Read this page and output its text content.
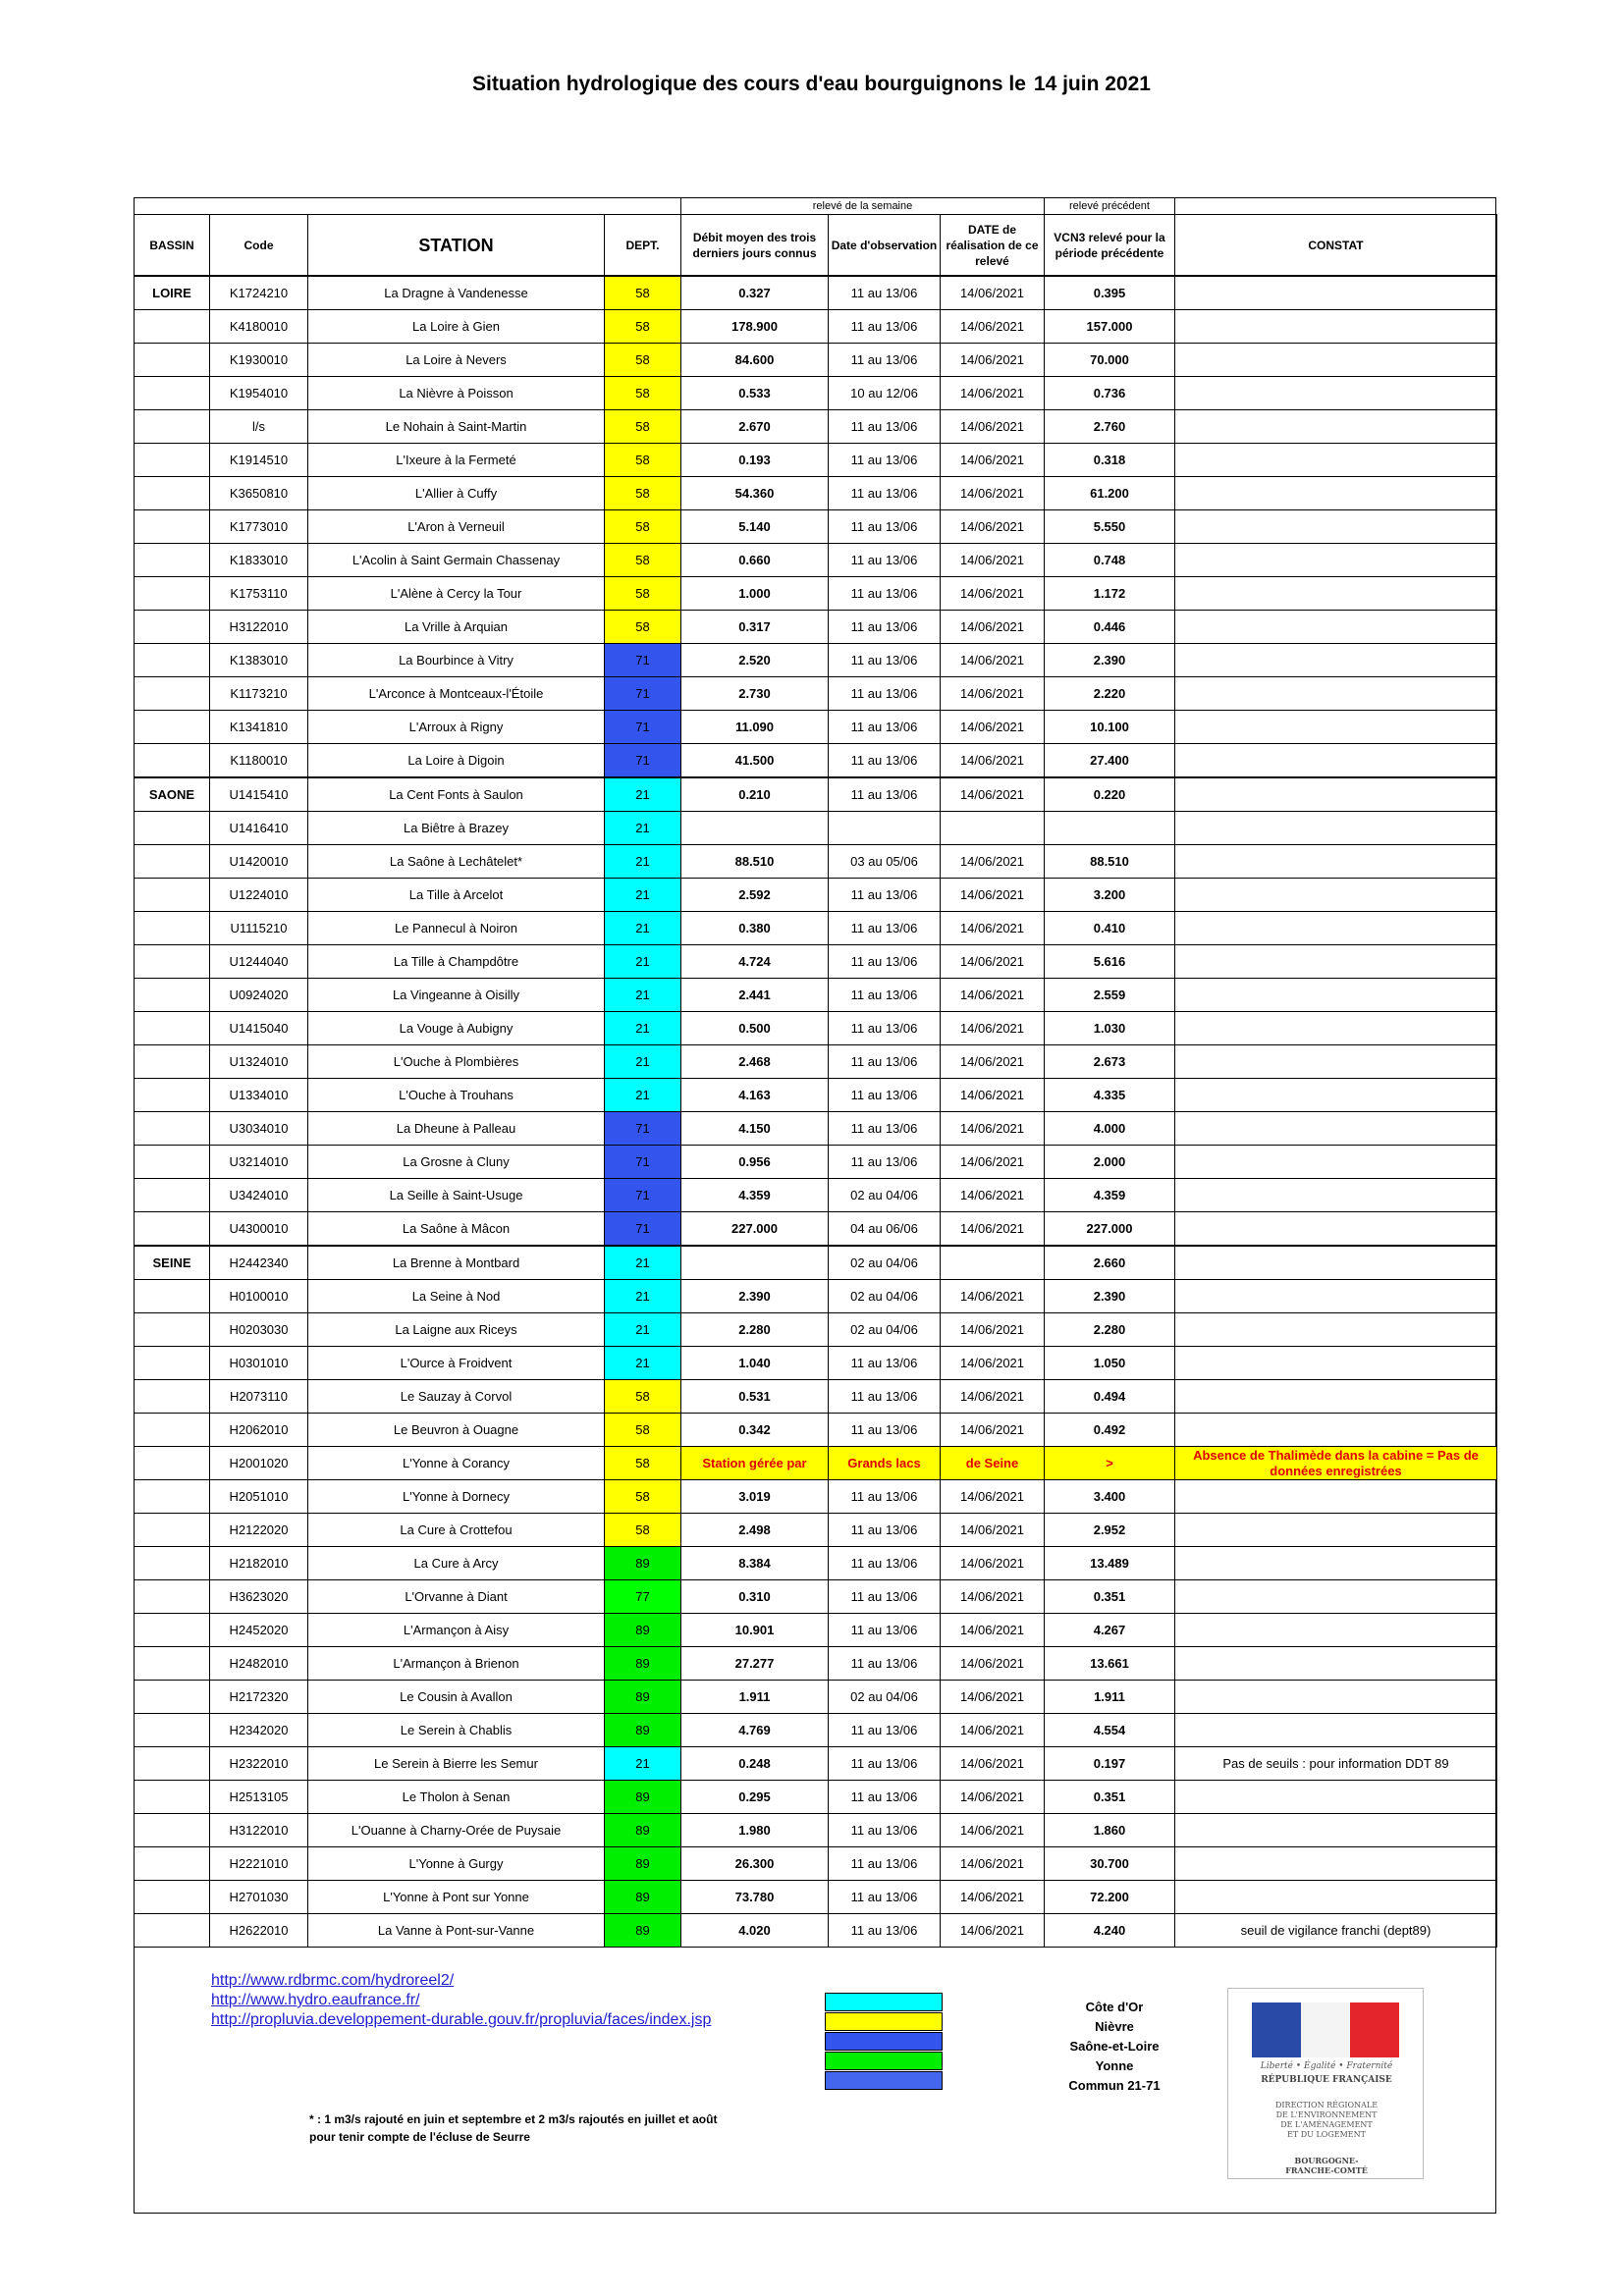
Situation hydrologique des cours d'eau bourguignons le 14 juin 2021
				relevé de la semaine			relevé précédent	
BASSIN	Code	STATION	DEPT.	Débit moyen des trois derniers jours connus	Date d'observation	DATE de réalisation de ce relevé	VCN3 relevé pour la période précédente	CONSTAT
LOIRE	K1724210	La Dragne à Vandenesse	58	0.327	11 au 13/06	14/06/2021	0.395	
	K4180010	La Loire à Gien	58	178.900	11 au 13/06	14/06/2021	157.000	
	K1930010	La Loire à Nevers	58	84.600	11 au 13/06	14/06/2021	70.000	
	K1954010	La Nièvre à Poisson	58	0.533	10 au 12/06	14/06/2021	0.736	
	l/s	Le Nohain à Saint-Martin	58	2.670	11 au 13/06	14/06/2021	2.760	
	K1914510	L'Ixeure à la Fermeté	58	0.193	11 au 13/06	14/06/2021	0.318	
	K3650810	L'Allier à Cuffy	58	54.360	11 au 13/06	14/06/2021	61.200	
	K1773010	L'Aron à Verneuil	58	5.140	11 au 13/06	14/06/2021	5.550	
	K1833010	L'Acolin à Saint Germain Chassenay	58	0.660	11 au 13/06	14/06/2021	0.748	
	K1753110	L'Alène à Cercy la Tour	58	1.000	11 au 13/06	14/06/2021	1.172	
	H3122010	La Vrille à Arquian	58	0.317	11 au 13/06	14/06/2021	0.446	
	K1383010	La Bourbince à Vitry	71	2.520	11 au 13/06	14/06/2021	2.390	
	K1173210	L'Arconce à Montceaux-l'Étoile	71	2.730	11 au 13/06	14/06/2021	2.220	
	K1341810	L'Arroux à Rigny	71	11.090	11 au 13/06	14/06/2021	10.100	
	K1180010	La Loire à Digoin	71	41.500	11 au 13/06	14/06/2021	27.400	
SAONE	U1415410	La Cent Fonts à Saulon	21	0.210	11 au 13/06	14/06/2021	0.220	
	U1416410	La Biêtre à Brazey	21					
	U1420010	La Saône à Lechâtelet*	21	88.510	03 au 05/06	14/06/2021	88.510	
	U1224010	La Tille à Arcelot	21	2.592	11 au 13/06	14/06/2021	3.200	
	U1115210	Le Pannecul à Noiron	21	0.380	11 au 13/06	14/06/2021	0.410	
	U1244040	La Tille à Champdôtre	21	4.724	11 au 13/06	14/06/2021	5.616	
	U0924020	La Vingeanne à Oisilly	21	2.441	11 au 13/06	14/06/2021	2.559	
	U1415040	La Vouge à Aubigny	21	0.500	11 au 13/06	14/06/2021	1.030	
	U1324010	L'Ouche à Plombières	21	2.468	11 au 13/06	14/06/2021	2.673	
	U1334010	L'Ouche à Trouhans	21	4.163	11 au 13/06	14/06/2021	4.335	
	U3034010	La Dheune à Palleau	71	4.150	11 au 13/06	14/06/2021	4.000	
	U3214010	La Grosne à Cluny	71	0.956	11 au 13/06	14/06/2021	2.000	
	U3424010	La Seille à Saint-Usuge	71	4.359	02 au 04/06	14/06/2021	4.359	
	U4300010	La Saône à Mâcon	71	227.000	04 au 06/06	14/06/2021	227.000	
SEINE	H2442340	La Brenne à Montbard	21		02 au 04/06		2.660	
	H0100010	La Seine à Nod	21	2.390	02 au 04/06	14/06/2021	2.390	
	H0203030	La Laigne aux Riceys	21	2.280	02 au 04/06	14/06/2021	2.280	
	H0301010	L'Ource à Froidvent	21	1.040	11 au 13/06	14/06/2021	1.050	
	H2073110	Le Sauzay à Corvol	58	0.531	11 au 13/06	14/06/2021	0.494	
	H2062010	Le Beuvron à Ouagne	58	0.342	11 au 13/06	14/06/2021	0.492	
	H2001020	L'Yonne à Corancy	58	Station gérée par	Grands lacs	de Seine	>	Absence de Thalimède dans la cabine = Pas de données enregistrées
	H2051010	L'Yonne à Dornecy	58	3.019	11 au 13/06	14/06/2021	3.400	
	H2122020	La Cure à Crottefou	58	2.498	11 au 13/06	14/06/2021	2.952	
	H2182010	La Cure à Arcy	89	8.384	11 au 13/06	14/06/2021	13.489	
	H3623020	L'Orvanne à Diant	77	0.310	11 au 13/06	14/06/2021	0.351	
	H2452020	L'Armançon à Aisy	89	10.901	11 au 13/06	14/06/2021	4.267	
	H2482010	L'Armançon à Brienon	89	27.277	11 au 13/06	14/06/2021	13.661	
	H2172320	Le Cousin à Avallon	89	1.911	02 au 04/06	14/06/2021	1.911	
	H2342020	Le Serein à Chablis	89	4.769	11 au 13/06	14/06/2021	4.554	
	H2322010	Le Serein à Bierre les Semur	21	0.248	11 au 13/06	14/06/2021	0.197	Pas de seuils : pour information DDT 89
	H2513105	Le Tholon à Senan	89	0.295	11 au 13/06	14/06/2021	0.351	
	H3122010	L'Ouanne à Charny-Orée de Puysaie	89	1.980	11 au 13/06	14/06/2021	1.860	
	H2221010	L'Yonne à Gurgy	89	26.300	11 au 13/06	14/06/2021	30.700	
	H2701030	L'Yonne à Pont sur Yonne	89	73.780	11 au 13/06	14/06/2021	72.200	
	H2622010	La Vanne à Pont-sur-Vanne	89	4.020	11 au 13/06	14/06/2021	4.240	seuil de vigilance franchi (dept89)
http://www.rdbrmc.com/hydroreel2/
http://www.hydro.eaufrance.fr/
http://propluvia.developpement-durable.gouv.fr/propluvia/faces/index.jsp
Côte d'Or
Nièvre
Saône-et-Loire
Yonne
Commun 21-71
* : 1 m3/s rajouté en juin et septembre et 2 m3/s rajoutés en juillet et août
pour tenir compte de l'écluse de Seurre
Liberté • Égalité • Fraternité
RÉPUBLIQUE FRANÇAISE
DIRECTION RÉGIONALE
DE L'ENVIRONNEMENT
DE L'AMÉNAGEMENT
ET DU LOGEMENT
BOURGOGNE-
FRANCHE-COMTÉ
